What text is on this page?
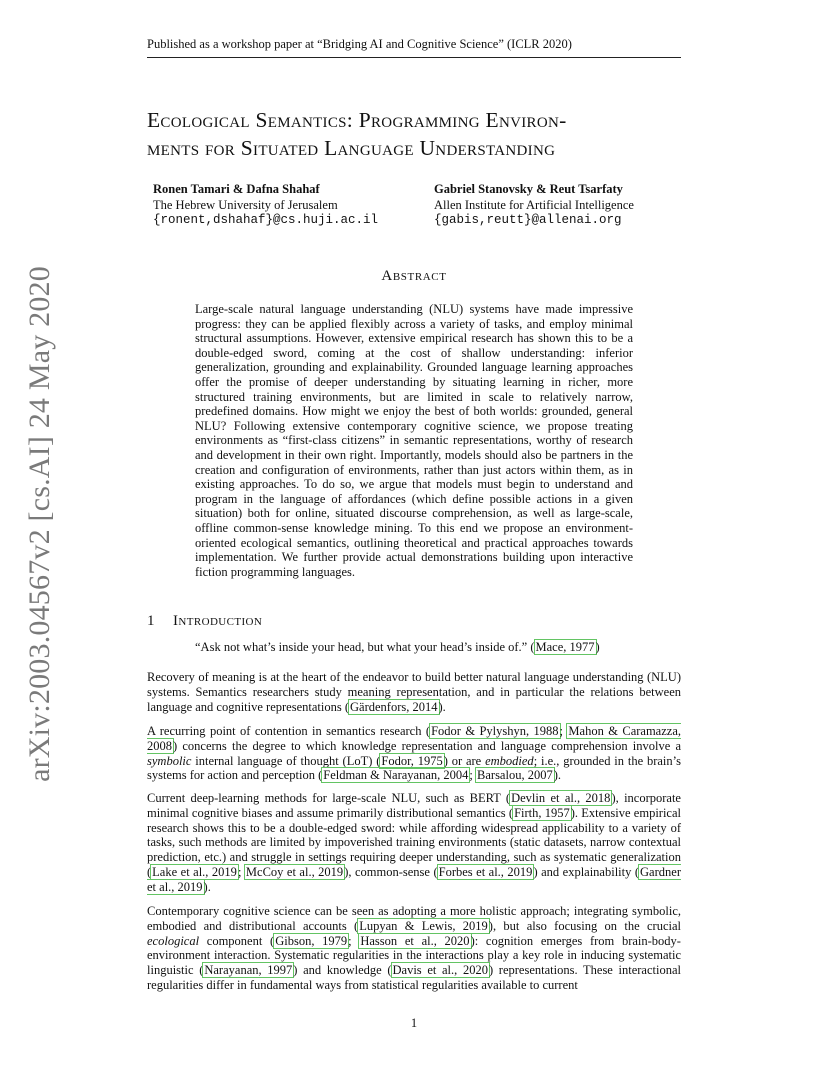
arXiv:2003.04567v2 [cs.AI] 24 May 2020
Published as a workshop paper at “Bridging AI and Cognitive Science” (ICLR 2020)
Ecological Semantics: Programming Environ-
ments for Situated Language Understanding
Ronen Tamari & Dafna Shahaf
The Hebrew University of Jerusalem
{ronent,dshahaf}@cs.huji.ac.il
Gabriel Stanovsky & Reut Tsarfaty
Allen Institute for Artificial Intelligence
{gabis,reutt}@allenai.org
Abstract
Large-scale natural language understanding (NLU) systems have made impressive progress: they can be applied flexibly across a variety of tasks, and employ minimal structural assumptions. However, extensive empirical research has shown this to be a double-edged sword, coming at the cost of shallow understanding: inferior generalization, grounding and explainability. Grounded language learning approaches offer the promise of deeper understanding by situating learning in richer, more structured training environments, but are limited in scale to relatively narrow, predefined domains. How might we enjoy the best of both worlds: grounded, general NLU? Following extensive contemporary cognitive science, we propose treating environments as “first-class citizens” in semantic representations, worthy of research and development in their own right. Importantly, models should also be partners in the creation and configuration of environments, rather than just actors within them, as in existing approaches. To do so, we argue that models must begin to understand and program in the language of affordances (which define possible actions in a given situation) both for online, situated discourse comprehension, as well as large-scale, offline common-sense knowledge mining. To this end we propose an environment-oriented ecological semantics, outlining theoretical and practical approaches towards implementation. We further provide actual demonstrations building upon interactive fiction programming languages.
1 Introduction
“Ask not what’s inside your head, but what your head’s inside of.” (Mace, 1977)
Recovery of meaning is at the heart of the endeavor to build better natural language understanding (NLU) systems. Semantics researchers study meaning representation, and in particular the relations between language and cognitive representations (Gärdenfors, 2014).
A recurring point of contention in semantics research (Fodor & Pylyshyn, 1988; Mahon & Caramazza, 2008) concerns the degree to which knowledge representation and language comprehension involve a symbolic internal language of thought (LoT) (Fodor, 1975) or are embodied; i.e., grounded in the brain’s systems for action and perception (Feldman & Narayanan, 2004; Barsalou, 2007).
Current deep-learning methods for large-scale NLU, such as BERT (Devlin et al., 2018), incorporate minimal cognitive biases and assume primarily distributional semantics (Firth, 1957). Extensive empirical research shows this to be a double-edged sword: while affording widespread applicability to a variety of tasks, such methods are limited by impoverished training environments (static datasets, narrow contextual prediction, etc.) and struggle in settings requiring deeper understanding, such as systematic generalization (Lake et al., 2019; McCoy et al., 2019), common-sense (Forbes et al., 2019) and explainability (Gardner et al., 2019).
Contemporary cognitive science can be seen as adopting a more holistic approach; integrating symbolic, embodied and distributional accounts (Lupyan & Lewis, 2019), but also focusing on the crucial ecological component (Gibson, 1979; Hasson et al., 2020): cognition emerges from brain-body-environment interaction. Systematic regularities in the interactions play a key role in inducing systematic linguistic (Narayanan, 1997) and knowledge (Davis et al., 2020) representations. These interactional regularities differ in fundamental ways from statistical regularities available to current
1
